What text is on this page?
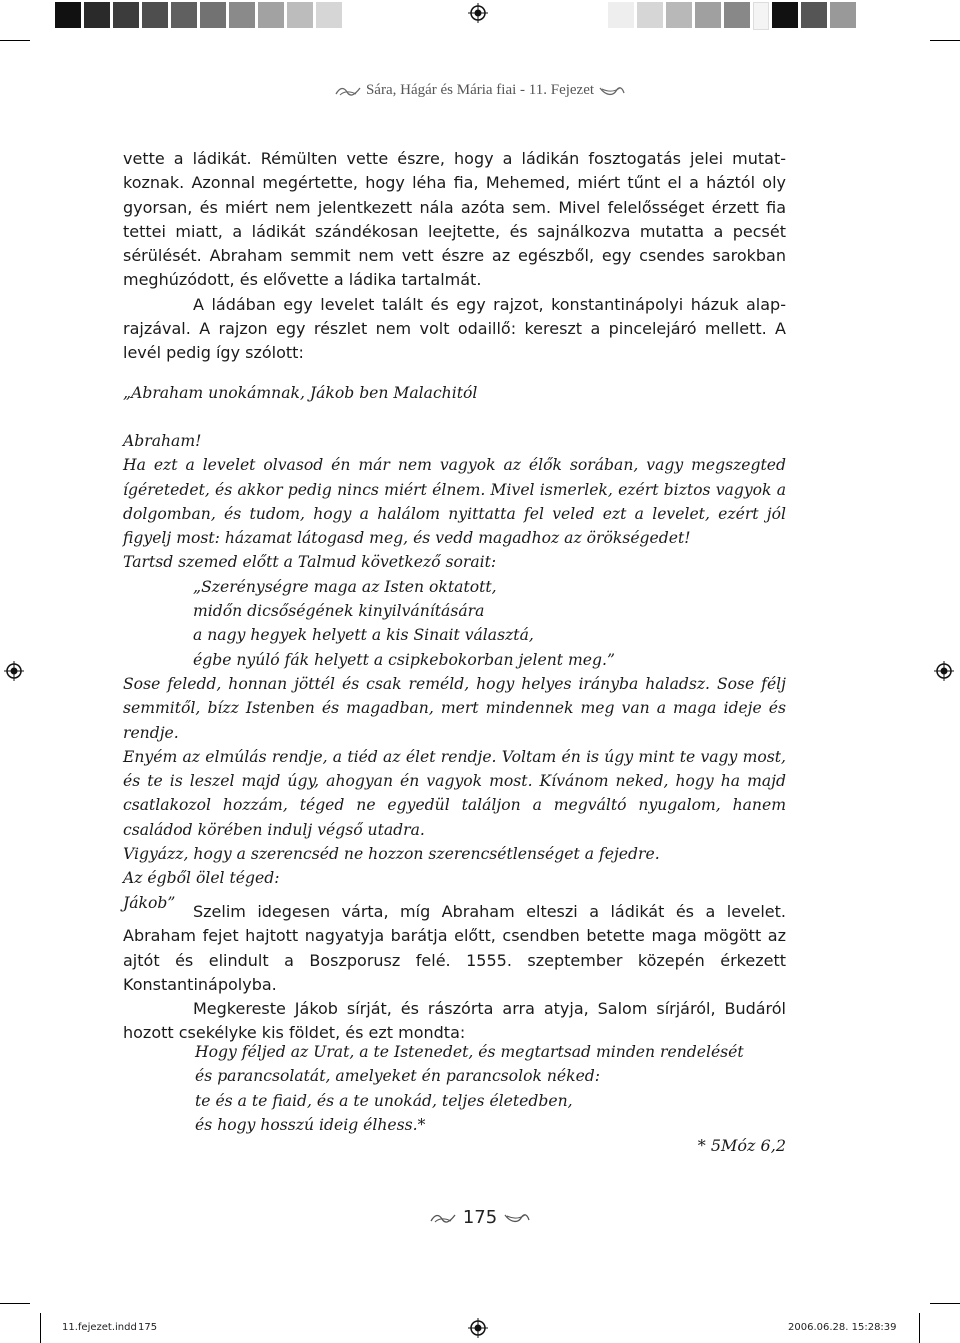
Sára, Hágár és Mária fiai - 11. Fejezet

vette a ládikát. Rémülten vette észre, hogy a ládikán fosztogatás jelei mutatkoznak. Azonnal megértette, hogy léha fia, Mehemed, miért tűnt el a háztól oly gyorsan, és miért nem jelentkezett nála azóta sem. Mivel felelősséget érzett fia tettei miatt, a ládikát szándékosan leejtette, és sajnálkozva mutatta a pecsét sérülését. Abraham semmit nem vett észre az egészből, egy csendes sarokban meghúzódott, és elővette a ládika tartalmát.

A ládában egy levelet talált és egy rajzot, konstantinápolyi házuk alaprajzával. A rajzon egy részlet nem volt odaillő: kereszt a pincelejáró mellett. A levél pedig így szólott:

„Abraham unokámnak, Jákob ben Malachitól

Abraham!

Ha ezt a levelet olvasod én már nem vagyok az élők sorában, vagy megszegted ígéretedet, és akkor pedig nincs miért élnem. Mivel ismerlek, ezért biztos vagyok a dolgomban, és tudom, hogy a halálom nyittatta fel veled ezt a levelet, ezért jól figyelj most: házamat látogasd meg, és vedd magadhoz az örökségedet!

Tartsd szemed előtt a Talmud következő sorait:

„Szerénységre maga az Isten oktatott,

midőn dicsőségének kinyilvánítására

a nagy hegyek helyett a kis Sinait választá,

égbe nyúló fák helyett a csipkebokorban jelent meg.”

Sose feledd, honnan jöttél és csak reméld, hogy helyes irányba haladsz. Sose félj semmitől, bízz Istenben és magadban, mert mindennek meg van a maga ideje és rendje.

Enyém az elmúlás rendje, a tiéd az élet rendje. Voltam én is úgy mint te vagy most, és te is leszel majd úgy, ahogyan én vagyok most. Kívánom neked, hogy ha majd csatlakozol hozzám, téged ne egyedül találjon a megváltó nyugalom, hanem családod körében indulj végső utadra.

Vigyázz, hogy a szerencséd ne hozzon szerencsétlenséget a fejedre.

Az égből ölel téged:

Jákob”	Szelim idegesen várta, míg Abraham elteszi a ládikát és a levelet. Abraham fejet hajtott nagyatyja barátja előtt, csendben betette maga mögött az ajtót és elindult a Boszporusz felé. 1555. szeptember közepén érkezett Konstantinápolyba.

Megkereste Jákob sírját, és rászórta arra atyja, Salom sírjáról, Budáról hozott csekélyke kis földet, és ezt mondta:

Hogy féljed az Urat, a te Istenedet, és megtartsad minden rendelését

és parancsolatát, amelyeket én parancsolok néked:

te és a te fiaid, és a te unokád, teljes életedben,

és hogy hosszú ideig élhess.*

* 5Móz 6,2
175
11.fejezet.indd 175	2006.06.28. 15:28:39
